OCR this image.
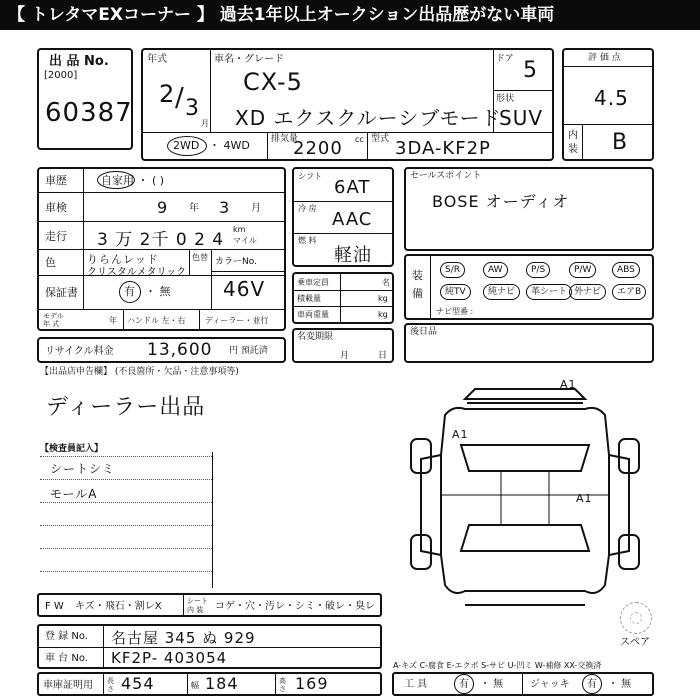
【 トレタマEXコーナー 】 過去1年以上オークション出品歴がない車両
出 品 No.
[2000]
60387
年式
2 / 3
月
車名・グレード
CX-5
XD エクスクルーシブモード
ドア 5
形状
SUV
2WD ・ 4WD 排気量
2200 cc 型式 3DA-KF2P
評 価 点
4.5
内
装 B
車歴	自家用 ・ ( )
車検	9 年 3 月
走行 3 万 2千 0 2 4
km
マイル
色	りらんレッド
クリスタルメタリック
色替 カラーNo.
46V
保証書	有 ・ 無
モデル
年 式	年 ハンドル 左・右 ディーラー・並行
リサイクル料金 13,600 円 預託済
シフト
6AT
冷 房
AAC
燃 料
軽油
乗車定員	名
積載量	kg
車両重量	kg
名変期限
月	日
セールスポイント
BOSE オーディオ
装
備
S/R	AW	P/S	P/W	ABS
純TV	純ナビ	革シート 外ナビ	エアB
ナビ型番 :
後日品
【出品店申告欄】 (不良箇所・欠品・注意事項等)
ディーラー出品
【検査員記入】
シートシミ
モールA
A1
A1
A1
F W キズ・飛石・割レX	シート
内 装 コゲ・穴・汚レ・シミ・破レ・臭レ
登 録 No. 名古屋 345 ぬ 929
車 台 No. KF2P- 403054
車庫証明用 長さ 454	幅 184	高さ 169
スペア
A-キズ C-腐食 E-エクボ S-サビ U-凹ミ W-補修 XX-交換済
工 具	有 ・ 無	ジャッキ 有 ・ 無
